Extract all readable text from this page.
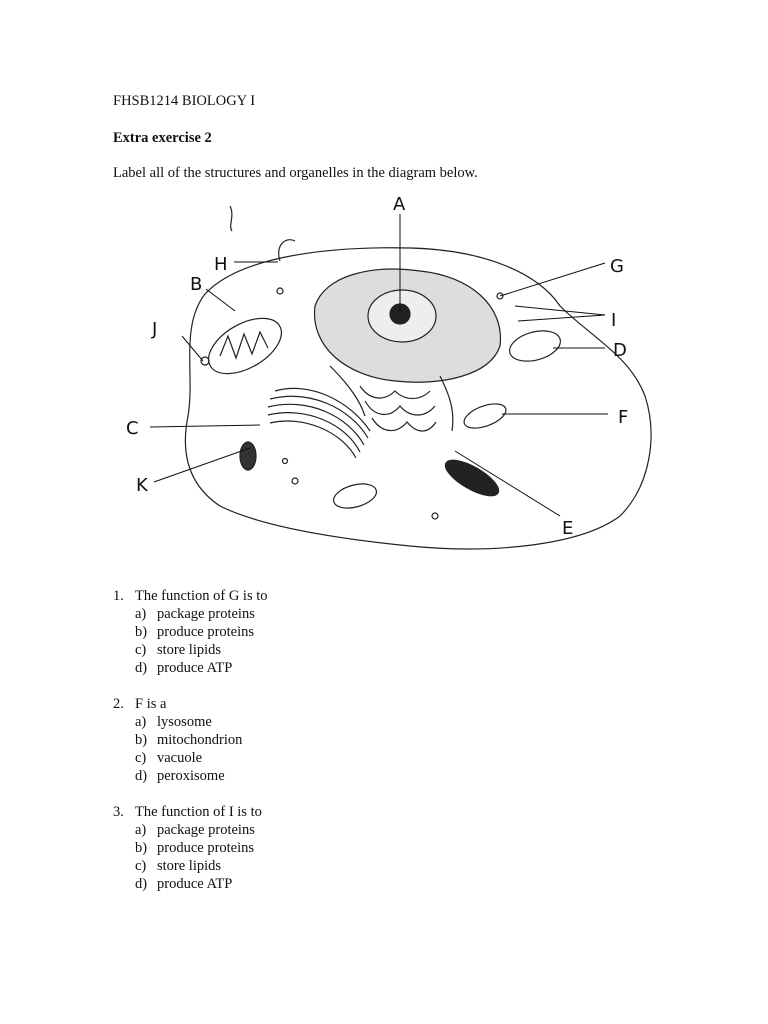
FHSB1214 BIOLOGY I
Extra exercise 2
Label all of the structures and organelles in the diagram below.
A
B
C
D
E
F
G
H
I
J
K
1. The function of G is to
a) package proteins
b) produce proteins
c) store lipids
d) produce ATP
2. F is a
a) lysosome
b) mitochondrion
c) vacuole
d) peroxisome
3. The function of I is to
a) package proteins
b) produce proteins
c) store lipids
d) produce ATP
